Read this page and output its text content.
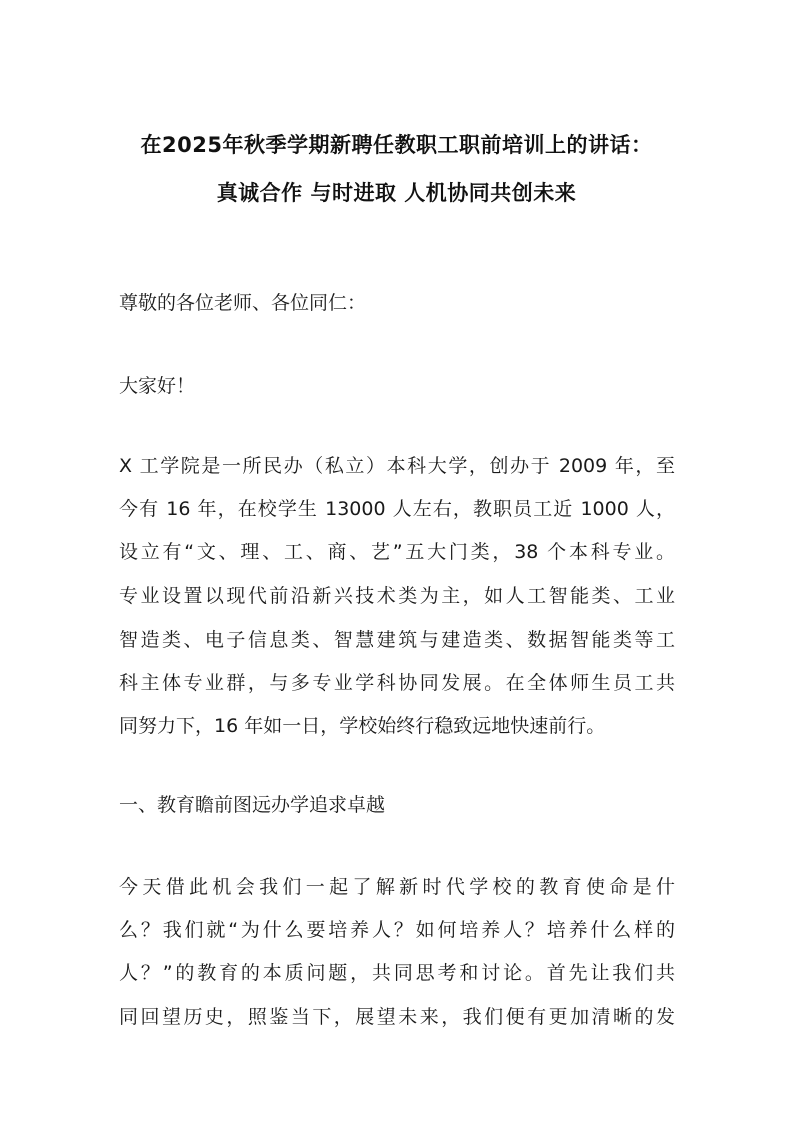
在2025年秋季学期新聘任教职工职前培训上的讲话：
真诚合作 与时进取 人机协同共创未来
尊敬的各位老师、各位同仁：
大家好！
X 工学院是一所民办（私立）本科大学，创办于 2009 年，至
今有 16 年，在校学生 13000 人左右，教职员工近 1000 人，
设立有“文、理、工、商、艺”五大门类，38 个本科专业。
专业设置以现代前沿新兴技术类为主，如人工智能类、工业
智造类、电子信息类、智慧建筑与建造类、数据智能类等工
科主体专业群，与多专业学科协同发展。在全体师生员工共
同努力下，16 年如一日，学校始终行稳致远地快速前行。
一、教育瞻前图远办学追求卓越
今天借此机会我们一起了解新时代学校的教育使命是什
么？我们就“为什么要培养人？如何培养人？培养什么样的
人？”的教育的本质问题，共同思考和讨论。首先让我们共
同回望历史，照鉴当下，展望未来，我们便有更加清晰的发
